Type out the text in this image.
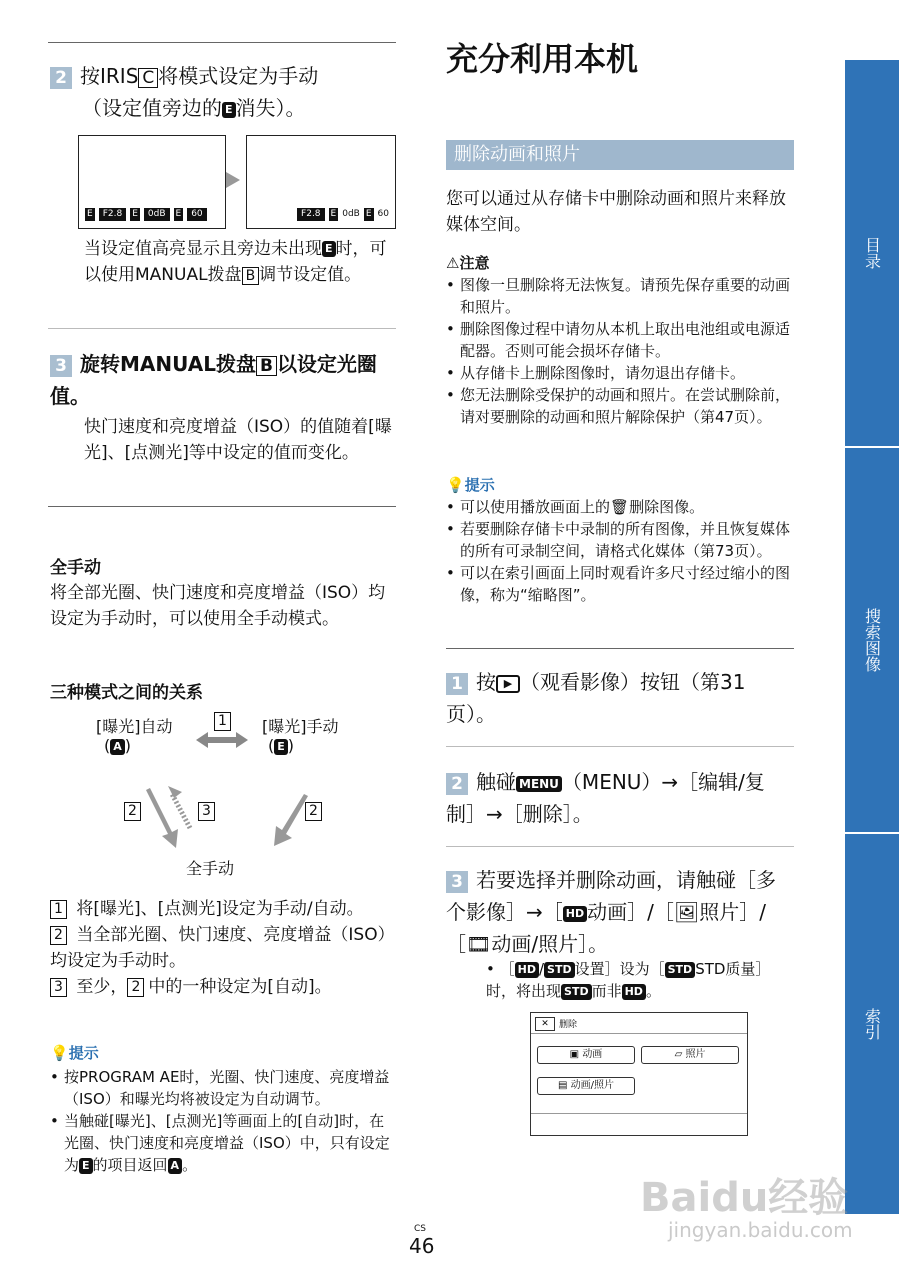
2 按IRIS C 将模式设定为手动
（设定值旁边的 E 消失）。
E F2.8 E 0dB E 60	F2.8 E 0dB E 60
当设定值高亮显示且旁边未出现 E 时，可以使用MANUAL拨盘 B 调节设定值。
3 旋转MANUAL拨盘 B 以设定光圈值。
快门速度和亮度增益（ISO）的值随着[曝光]、[点测光]等中设定的值而变化。
全手动
将全部光圈、快门速度和亮度增益（ISO）均设定为手动时，可以使用全手动模式。
三种模式之间的关系
[曝光]自动
( A )
[曝光]手动
( E )
1
2	3	2
全手动
1 将[曝光]、[点测光]设定为手动/自动。
2 当全部光圈、快门速度、亮度增益（ISO）均设定为手动时。
3 至少， 2 中的一种设定为[自动]。
💡提示
• 按PROGRAM AE时，光圈、快门速度、亮度增益（ISO）和曝光均将被设定为自动调节。
• 当触碰[曝光]、[点测光]等画面上的[自动]时，在光圈、快门速度和亮度增益（ISO）中，只有设定为 E 的项目返回 A 。
充分利用本机
删除动画和照片
您可以通过从存储卡中删除动画和照片来释放媒体空间。
⚠注意
• 图像一旦删除将无法恢复。请预先保存重要的动画和照片。
• 删除图像过程中请勿从本机上取出电池组或电源适配器。否则可能会损坏存储卡。
• 从存储卡上删除图像时，请勿退出存储卡。
• 您无法删除受保护的动画和照片。在尝试删除前，请对要删除的动画和照片解除保护（第47页）。
💡提示
• 可以使用播放画面上的🗑删除图像。
• 若要删除存储卡中录制的所有图像，并且恢复媒体的所有可录制空间，请格式化媒体（第73页）。
• 可以在索引画面上同时观看许多尺寸经过缩小的图像，称为“缩略图”。
1 按 ▶ （观看影像）按钮（第31页）。
2 触碰 MENU （MENU）→［编辑/复制］→［删除］。
3 若要选择并删除动画，请触碰［多个影像］→［ HD 动画］/［🖼照片］/［🎞动画/照片］。
• ［ HD / STD 设置］设为［ STD STD质量］时，将出现 STD 而非 HD 。
✕	删除
▣ 动画	▱ 照片
▤ 动画/照片
目录
搜索图像
索引
CS
46
Baidu经验
jingyan.baidu.com
